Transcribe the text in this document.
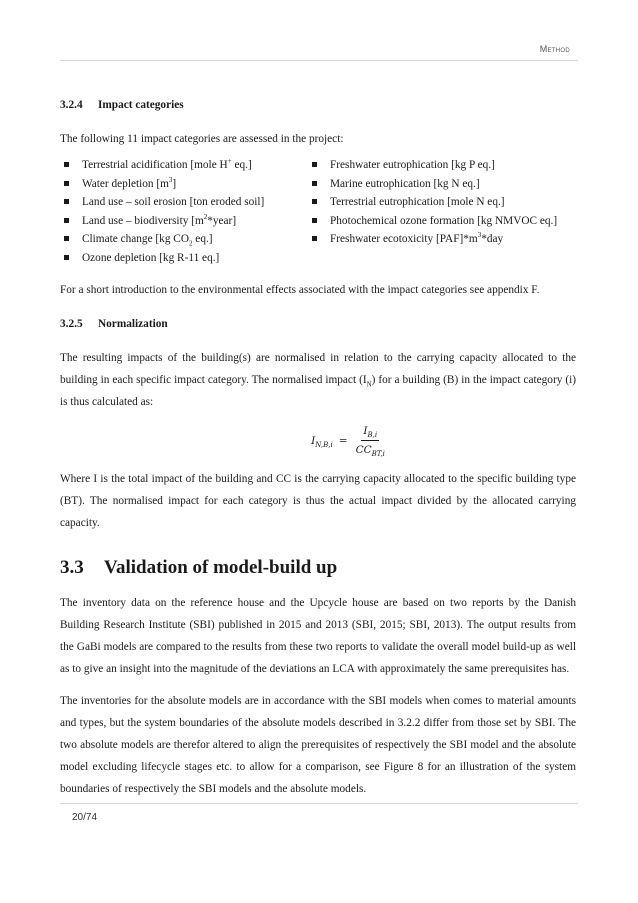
Method
3.2.4 Impact categories

The following 11 impact categories are assessed in the project:

Terrestrial acidification [mole H+ eq.]
Water depletion $[m^3]$
Land use – soil erosion [ton eroded soil]
Land use – biodiversity $[m^2*year]$
Climate change [kg $CO_2$ eq.]
Ozone depletion [kg R-11 eq.]
Freshwater eutrophication [kg P eq.]
Marine eutrophication [kg N eq.]
Terrestrial eutrophication [mole N eq.]
Photochemical ozone formation [kg NMVOC eq.]
Freshwater ecotoxicity $[PAF]*m^3*day$

For a short introduction to the environmental effects associated with the impact categories see appendix F.

3.2.5 Normalization

The resulting impacts of the building(s) are normalised in relation to the carrying capacity allocated to the building in each specific impact category. The normalised impact $(I_N)$ for a building (B) in the impact category (i) is thus calculated as:

$I_{N,B,i} = \frac{I_{B,i}}{CC_{BT,i}}$

Where I is the total impact of the building and CC is the carrying capacity allocated to the specific building type (BT). The normalised impact for each category is thus the actual impact divided by the allocated carrying capacity.

3.3 Validation of model-build up

The inventory data on the reference house and the Upcycle house are based on two reports by the Danish Building Research Institute (SBI) published in 2015 and 2013 (SBI, 2015; SBI, 2013). The output results from the GaBi models are compared to the results from these two reports to validate the overall model build-up as well as to give an insight into the magnitude of the deviations an LCA with approximately the same prerequisites has.

The inventories for the absolute models are in accordance with the SBI models when comes to material amounts and types, but the system boundaries of the absolute models described in 3.2.2 differ from those set by SBI. The two absolute models are therefor altered to align the prerequisites of respectively the SBI model and the absolute model excluding lifecycle stages etc. to allow for a comparison, see Figure 8 for an illustration of the system boundaries of respectively the SBI models and the absolute models.

20/74
